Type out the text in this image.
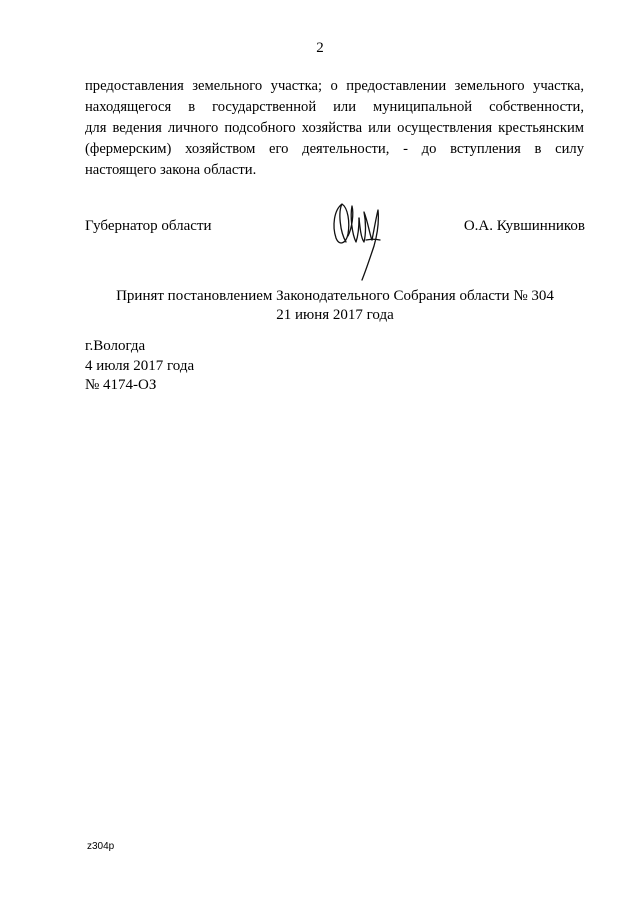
2
предоставления земельного участка; о предоставлении земельного участка,
находящегося в государственной или муниципальной собственности,
для ведения личного подсобного хозяйства или осуществления крестьянским
(фермерским) хозяйством его деятельности, - до вступления в силу
настоящего закона области.
Губернатор области	О.А. Кувшинников
Принят постановлением Законодательного Собрания области № 304
21 июня 2017 года
г.Вологда
4 июля 2017 года
№ 4174-ОЗ
z304p
